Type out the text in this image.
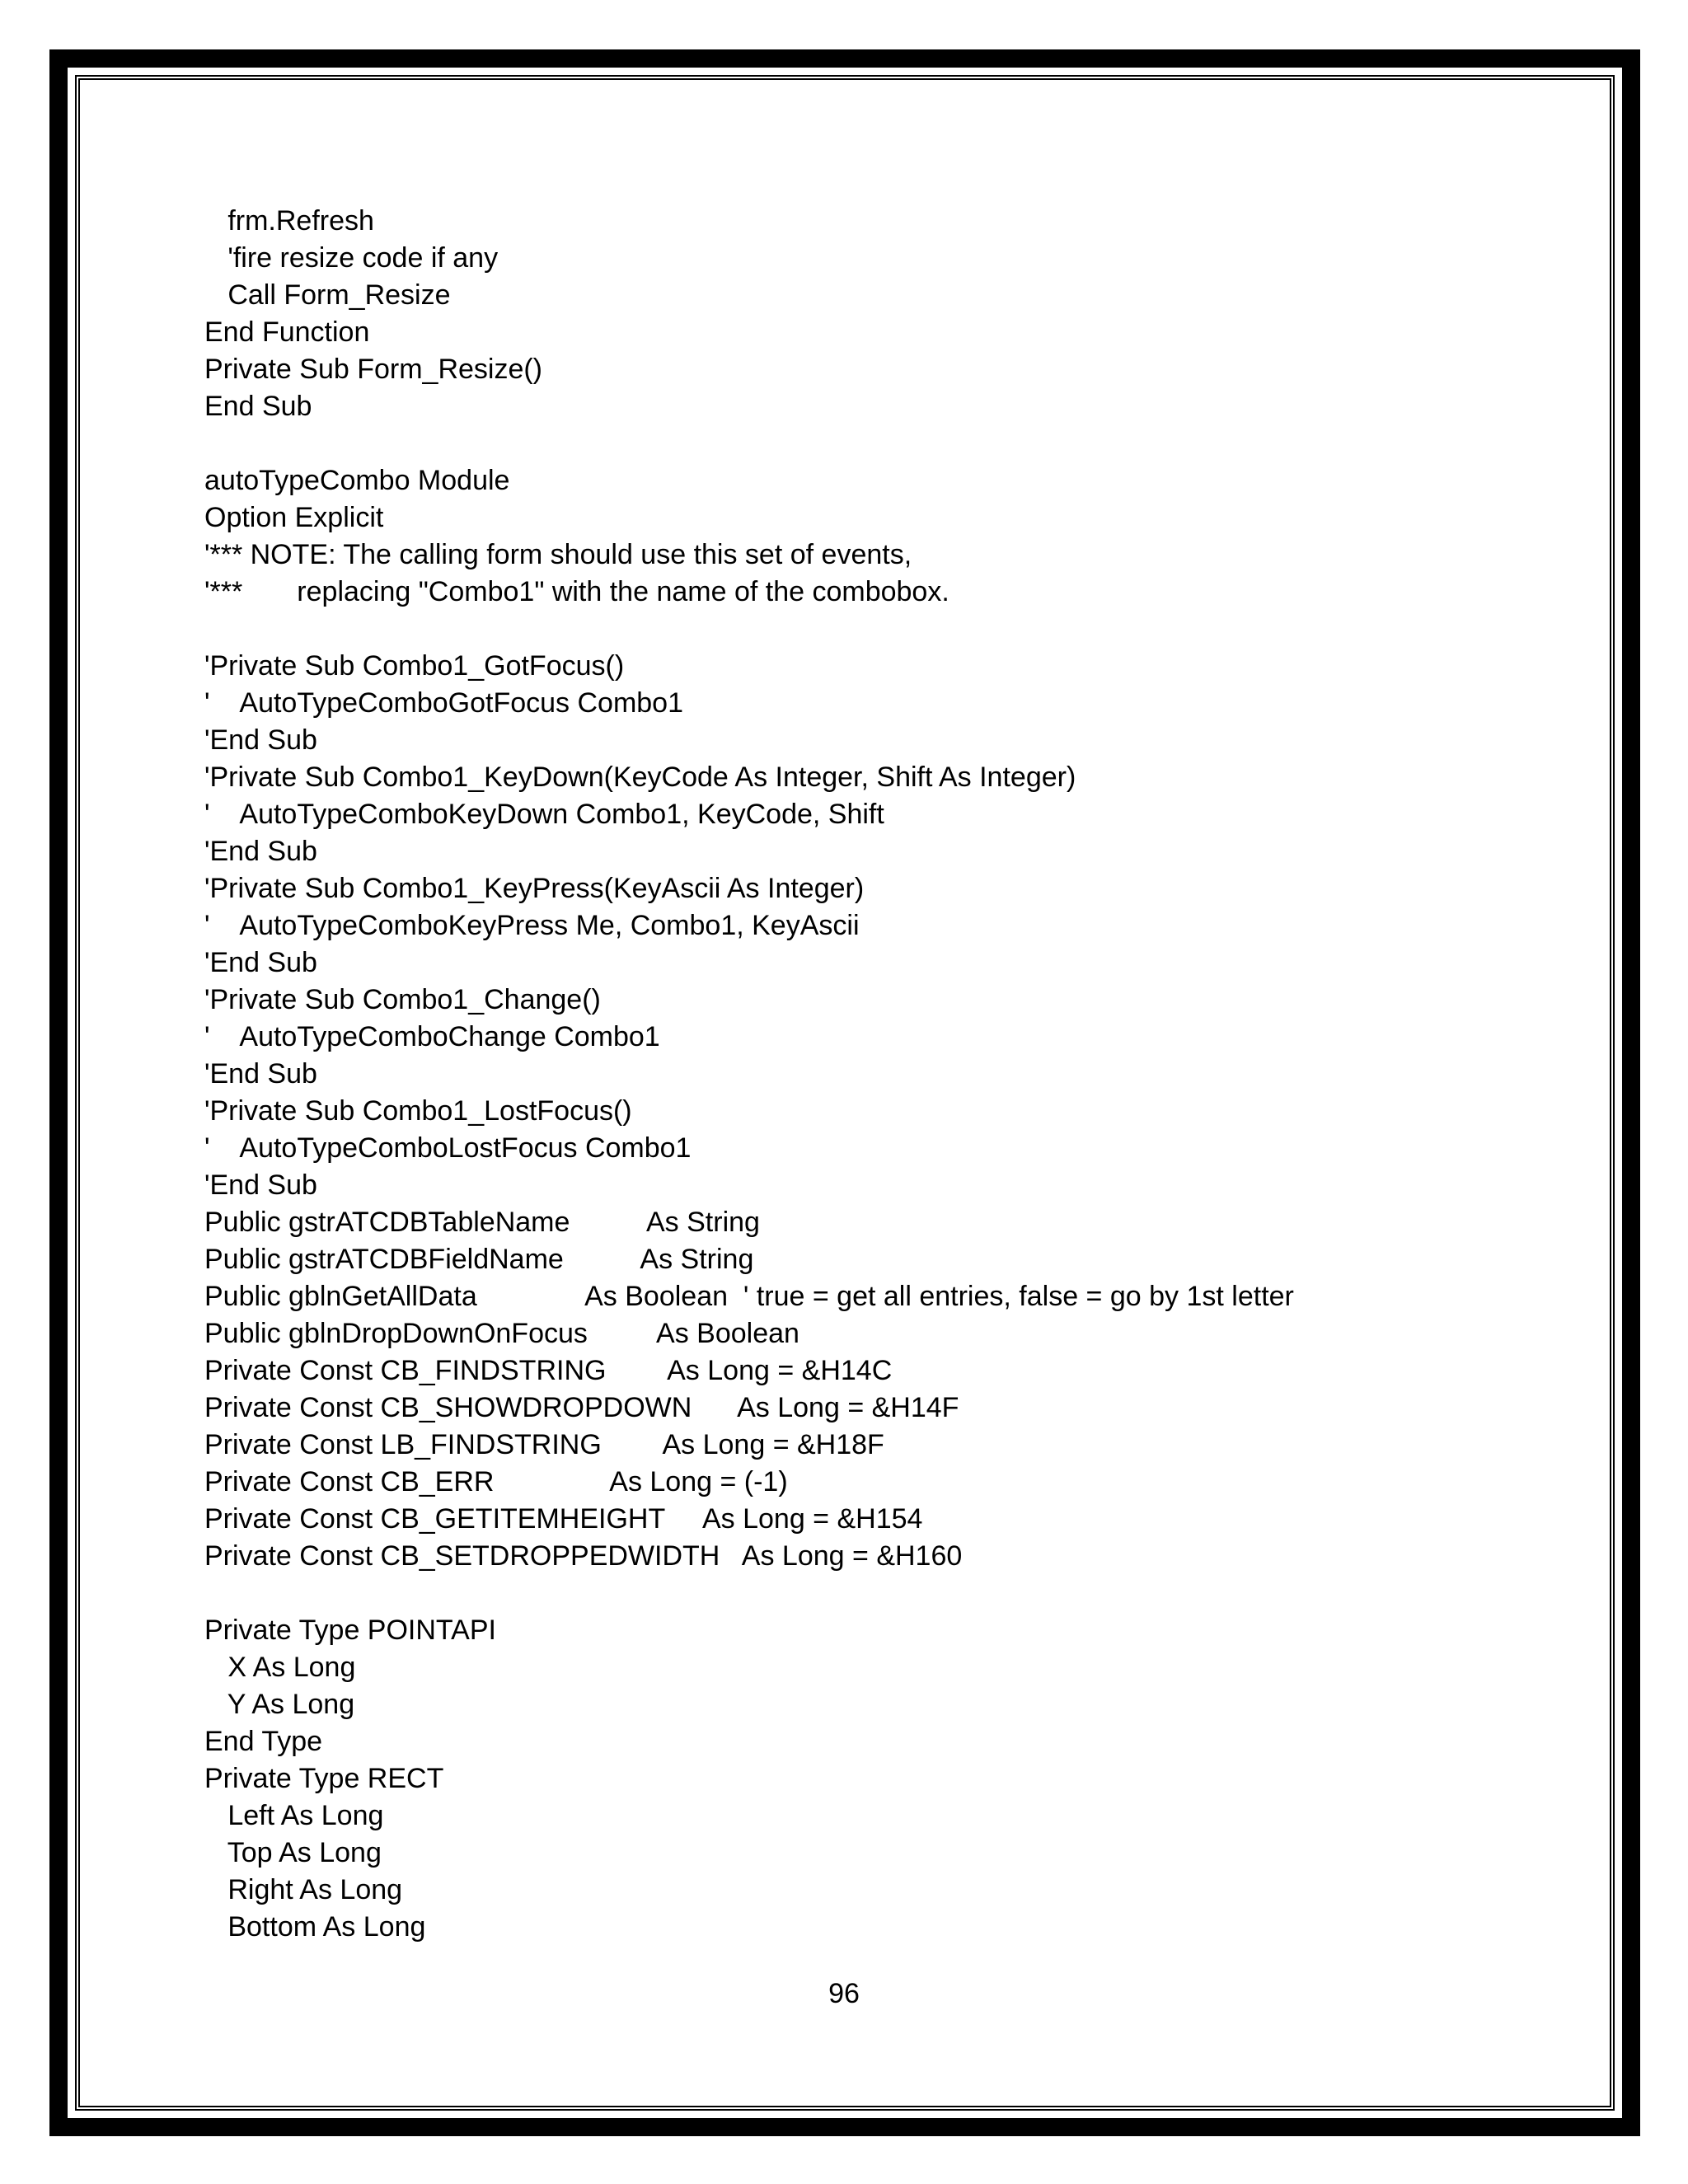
frm.Refresh
'fire resize code if any
Call Form_Resize
End Function
Private Sub Form_Resize()
End Sub
autoTypeCombo Module
Option Explicit
'*** NOTE: The calling form should use this set of events,
'***       replacing "Combo1" with the name of the combobox.
'Private Sub Combo1_GotFocus()
'    AutoTypeComboGotFocus Combo1
'End Sub
'Private Sub Combo1_KeyDown(KeyCode As Integer, Shift As Integer)
'    AutoTypeComboKeyDown Combo1, KeyCode, Shift
'End Sub
'Private Sub Combo1_KeyPress(KeyAscii As Integer)
'    AutoTypeComboKeyPress Me, Combo1, KeyAscii
'End Sub
'Private Sub Combo1_Change()
'    AutoTypeComboChange Combo1
'End Sub
'Private Sub Combo1_LostFocus()
'    AutoTypeComboLostFocus Combo1
'End Sub
Public gstrATCDBTableName          As String
Public gstrATCDBFieldName          As String
Public gblnGetAllData              As Boolean  ' true = get all entries, false = go by 1st letter
Public gblnDropDownOnFocus         As Boolean
Private Const CB_FINDSTRING        As Long = &H14C
Private Const CB_SHOWDROPDOWN      As Long = &H14F
Private Const LB_FINDSTRING        As Long = &H18F
Private Const CB_ERR               As Long = (-1)
Private Const CB_GETITEMHEIGHT     As Long = &H154
Private Const CB_SETDROPPEDWIDTH   As Long = &H160
Private Type POINTAPI
X As Long
Y As Long
End Type
Private Type RECT
Left As Long
Top As Long
Right As Long
Bottom As Long
96
